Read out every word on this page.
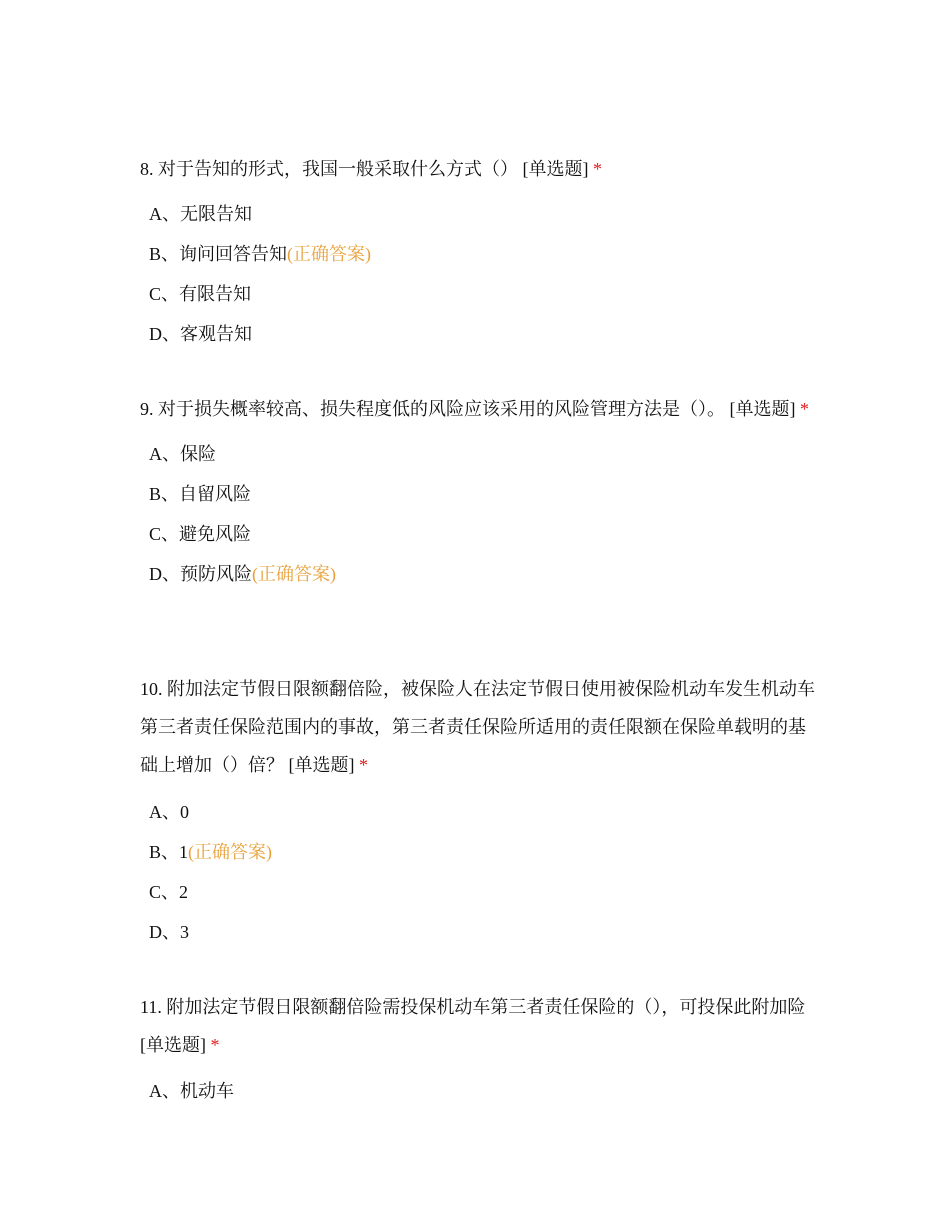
8. 对于告知的形式，我国一般采取什么方式（） [单选题] *

A、无限告知
B、询问回答告知(正确答案)
C、有限告知
D、客观告知

9. 对于损失概率较高、损失程度低的风险应该采用的风险管理方法是（）。 [单选题] *

A、保险
B、自留风险
C、避免风险
D、预防风险(正确答案)

10. 附加法定节假日限额翻倍险，被保险人在法定节假日使用被保险机动车发生机动车第三者责任保险范围内的事故，第三者责任保险所适用的责任限额在保险单载明的基础上增加（）倍？ [单选题] *

A、0
B、1(正确答案)
C、2
D、3

11. 附加法定节假日限额翻倍险需投保机动车第三者责任保险的（），可投保此附加险 [单选题] *

A、机动车
